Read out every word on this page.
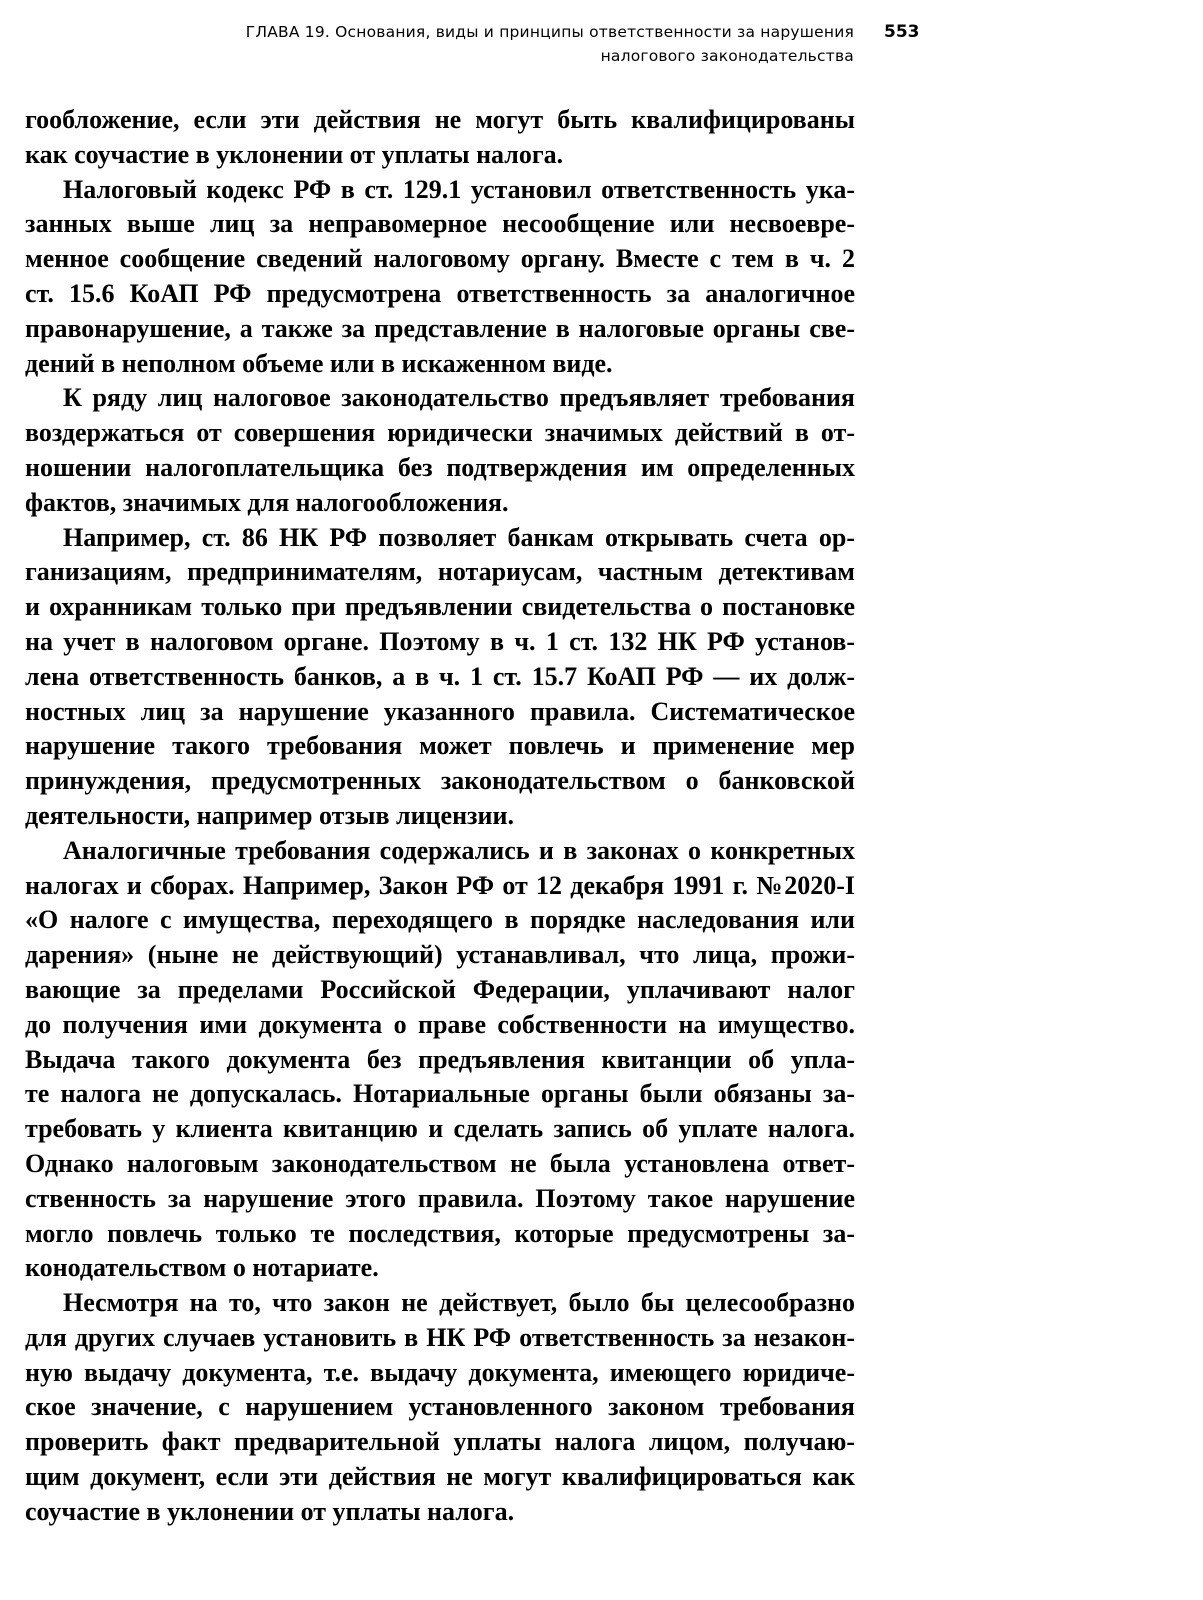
ГЛАВА 19. Основания, виды и принципы ответственности за нарушения
налогового законодательства
553
гообложение, если эти действия не могут быть квалифицированы
как соучастие в уклонении от уплаты налога.
Налоговый кодекс РФ в ст. 129.1 установил ответственность ука-
занных выше лиц за неправомерное несообщение или несвоевре-
менное сообщение сведений налоговому органу. Вместе с тем в ч. 2
ст. 15.6 КоАП РФ предусмотрена ответственность за аналогичное
правонарушение, а также за представление в налоговые органы све-
дений в неполном объеме или в искаженном виде.
К ряду лиц налоговое законодательство предъявляет требования
воздержаться от совершения юридически значимых действий в от-
ношении налогоплательщика без подтверждения им определенных
фактов, значимых для налогообложения.
Например, ст. 86 НК РФ позволяет банкам открывать счета ор-
ганизациям, предпринимателям, нотариусам, частным детективам
и охранникам только при предъявлении свидетельства о постановке
на учет в налоговом органе. Поэтому в ч. 1 ст. 132 НК РФ установ-
лена ответственность банков, а в ч. 1 ст. 15.7 КоАП РФ — их долж-
ностных лиц за нарушение указанного правила. Систематическое
нарушение такого требования может повлечь и применение мер
принуждения, предусмотренных законодательством о банковской
деятельности, например отзыв лицензии.
Аналогичные требования содержались и в законах о конкретных
налогах и сборах. Например, Закон РФ от 12 декабря 1991 г. №2020-I
«О налоге с имущества, переходящего в порядке наследования или
дарения» (ныне не действующий) устанавливал, что лица, прожи-
вающие за пределами Российской Федерации, уплачивают налог
до получения ими документа о праве собственности на имущество.
Выдача такого документа без предъявления квитанции об упла-
те налога не допускалась. Нотариальные органы были обязаны за-
требовать у клиента квитанцию и сделать запись об уплате налога.
Однако налоговым законодательством не была установлена ответ-
ственность за нарушение этого правила. Поэтому такое нарушение
могло повлечь только те последствия, которые предусмотрены за-
конодательством о нотариате.
Несмотря на то, что закон не действует, было бы целесообразно
для других случаев установить в НК РФ ответственность за незакон-
ную выдачу документа, т.е. выдачу документа, имеющего юридиче-
ское значение, с нарушением установленного законом требования
проверить факт предварительной уплаты налога лицом, получаю-
щим документ, если эти действия не могут квалифицироваться как
соучастие в уклонении от уплаты налога.
